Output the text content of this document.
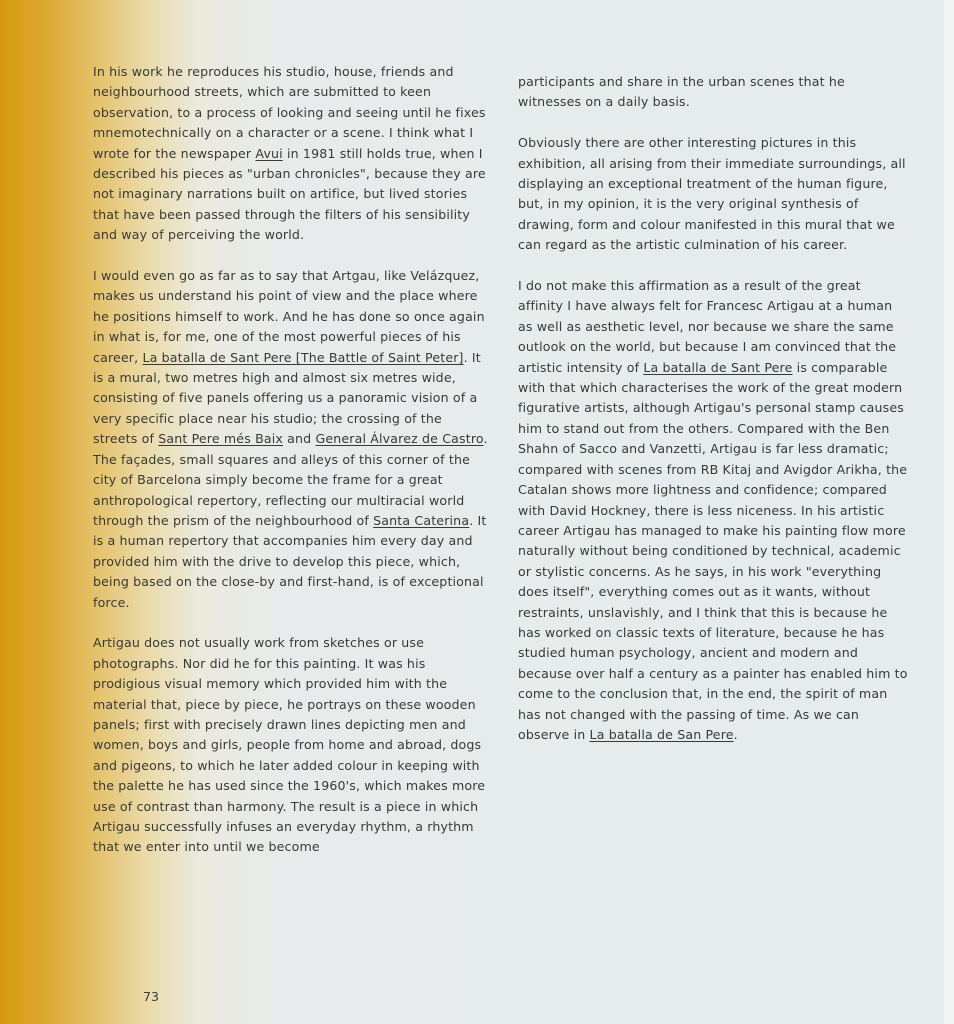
In his work he reproduces his studio, house, friends and neighbourhood streets, which are submitted to keen observation, to a process of looking and seeing until he fixes mnemotechnically on a character or a scene. I think what I wrote for the newspaper Avui in 1981 still holds true, when I described his pieces as "urban chronicles", because they are not imaginary narrations built on artifice, but lived stories that have been passed through the filters of his sensibility and way of perceiving the world.

I would even go as far as to say that Artgau, like Velázquez, makes us understand his point of view and the place where he positions himself to work. And he has done so once again in what is, for me, one of the most powerful pieces of his career, La batalla de Sant Pere [The Battle of Saint Peter]. It is a mural, two metres high and almost six metres wide, consisting of five panels offering us a panoramic vision of a very specific place near his studio; the crossing of the streets of Sant Pere més Baix and General Álvarez de Castro. The façades, small squares and alleys of this corner of the city of Barcelona simply become the frame for a great anthropological repertory, reflecting our multiracial world through the prism of the neighbourhood of Santa Caterina. It is a human repertory that accompanies him every day and provided him with the drive to develop this piece, which, being based on the close-by and first-hand, is of exceptional force.

Artigau does not usually work from sketches or use photographs. Nor did he for this painting. It was his prodigious visual memory which provided him with the material that, piece by piece, he portrays on these wooden panels; first with precisely drawn lines depicting men and women, boys and girls, people from home and abroad, dogs and pigeons, to which he later added colour in keeping with the palette he has used since the 1960's, which makes more use of contrast than harmony. The result is a piece in which Artigau successfully infuses an everyday rhythm, a rhythm that we enter into until we become

participants and share in the urban scenes that he witnesses on a daily basis.

Obviously there are other interesting pictures in this exhibition, all arising from their immediate surroundings, all displaying an exceptional treatment of the human figure, but, in my opinion, it is the very original synthesis of drawing, form and colour manifested in this mural that we can regard as the artistic culmination of his career.

I do not make this affirmation as a result of the great affinity I have always felt for Francesc Artigau at a human as well as aesthetic level, nor because we share the same outlook on the world, but because I am convinced that the artistic intensity of La batalla de Sant Pere is comparable with that which characterises the work of the great modern figurative artists, although Artigau's personal stamp causes him to stand out from the others. Compared with the Ben Shahn of Sacco and Vanzetti, Artigau is far less dramatic; compared with scenes from RB Kitaj and Avigdor Arikha, the Catalan shows more lightness and confidence; compared with David Hockney, there is less niceness. In his artistic career Artigau has managed to make his painting flow more naturally without being conditioned by technical, academic or stylistic concerns. As he says, in his work "everything does itself", everything comes out as it wants, without restraints, unslavishly, and I think that this is because he has worked on classic texts of literature, because he has studied human psychology, ancient and modern and because over half a century as a painter has enabled him to come to the conclusion that, in the end, the spirit of man has not changed with the passing of time. As we can observe in La batalla de San Pere.

73
